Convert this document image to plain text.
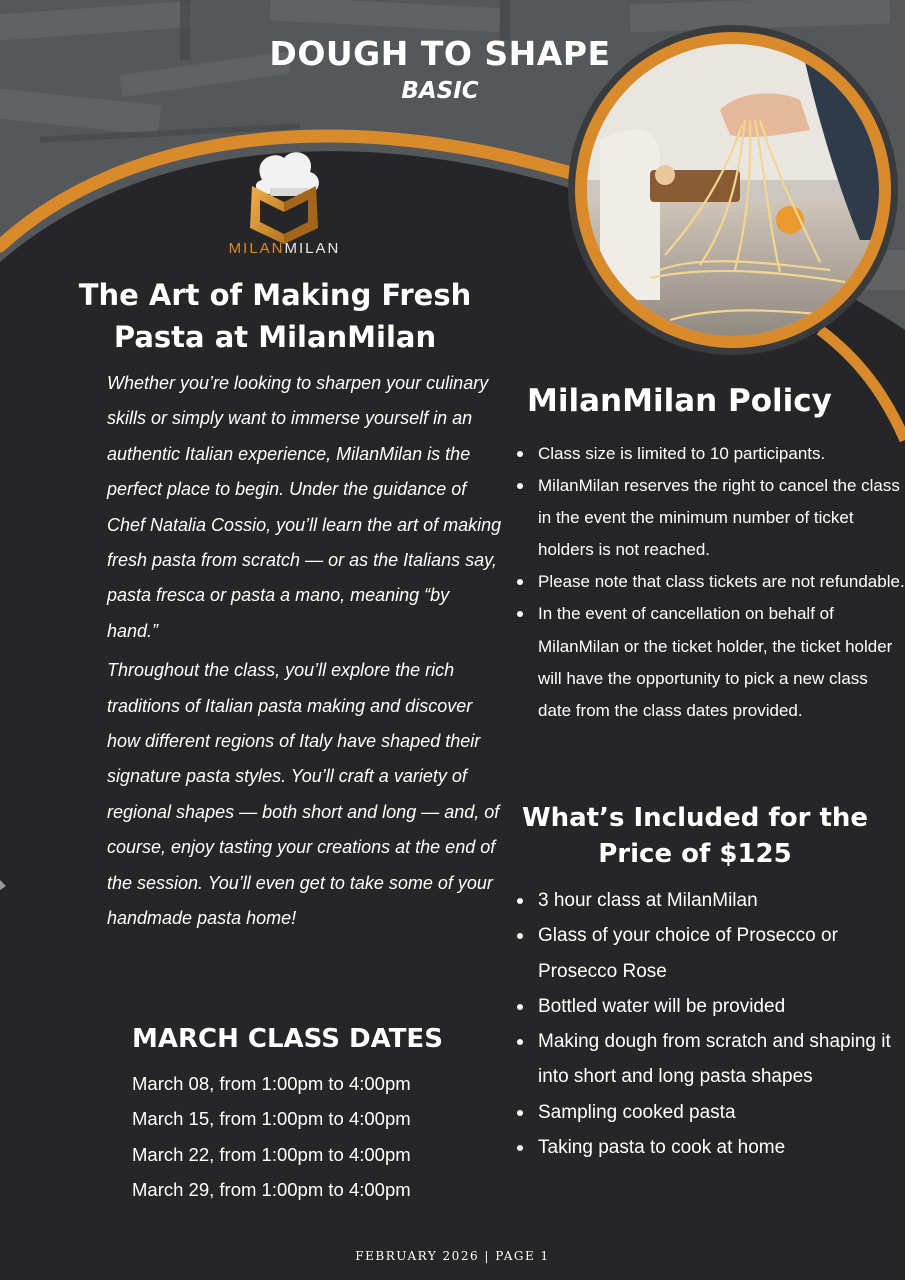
DOUGH TO SHAPE
BASIC
MILANMILAN
The Art of Making Fresh Pasta at MilanMilan

Whether you’re looking to sharpen your culinary skills or simply want to immerse yourself in an authentic Italian experience, MilanMilan is the perfect place to begin. Under the guidance of Chef Natalia Cossio, you’ll learn the art of making fresh pasta from scratch — or as the Italians say, pasta fresca or pasta a mano, meaning “by hand.”

Throughout the class, you’ll explore the rich traditions of Italian pasta making and discover how different regions of Italy have shaped their signature pasta styles. You’ll craft a variety of regional shapes — both short and long — and, of course, enjoy tasting your creations at the end of the session. You’ll even get to take some of your handmade pasta home!

MARCH CLASS DATES
March 08, from 1:00pm to 4:00pm
March 15, from 1:00pm to 4:00pm
March 22, from 1:00pm to 4:00pm
March 29, from 1:00pm to 4:00pm
MilanMilan Policy
Class size is limited to 10 participants.
MilanMilan reserves the right to cancel the class in the event the minimum number of ticket holders is not reached.
Please note that class tickets are not refundable.
In the event of cancellation on behalf of MilanMilan or the ticket holder, the ticket holder will have the opportunity to pick a new class date from the class dates provided.
What’s Included for the Price of $125
3 hour class at MilanMilan
Glass of your choice of Prosecco or Prosecco Rose
Bottled water will be provided
Making dough from scratch and shaping it into short and long pasta shapes
Sampling cooked pasta
Taking pasta to cook at home
FEBRUARY 2026 | PAGE 1
